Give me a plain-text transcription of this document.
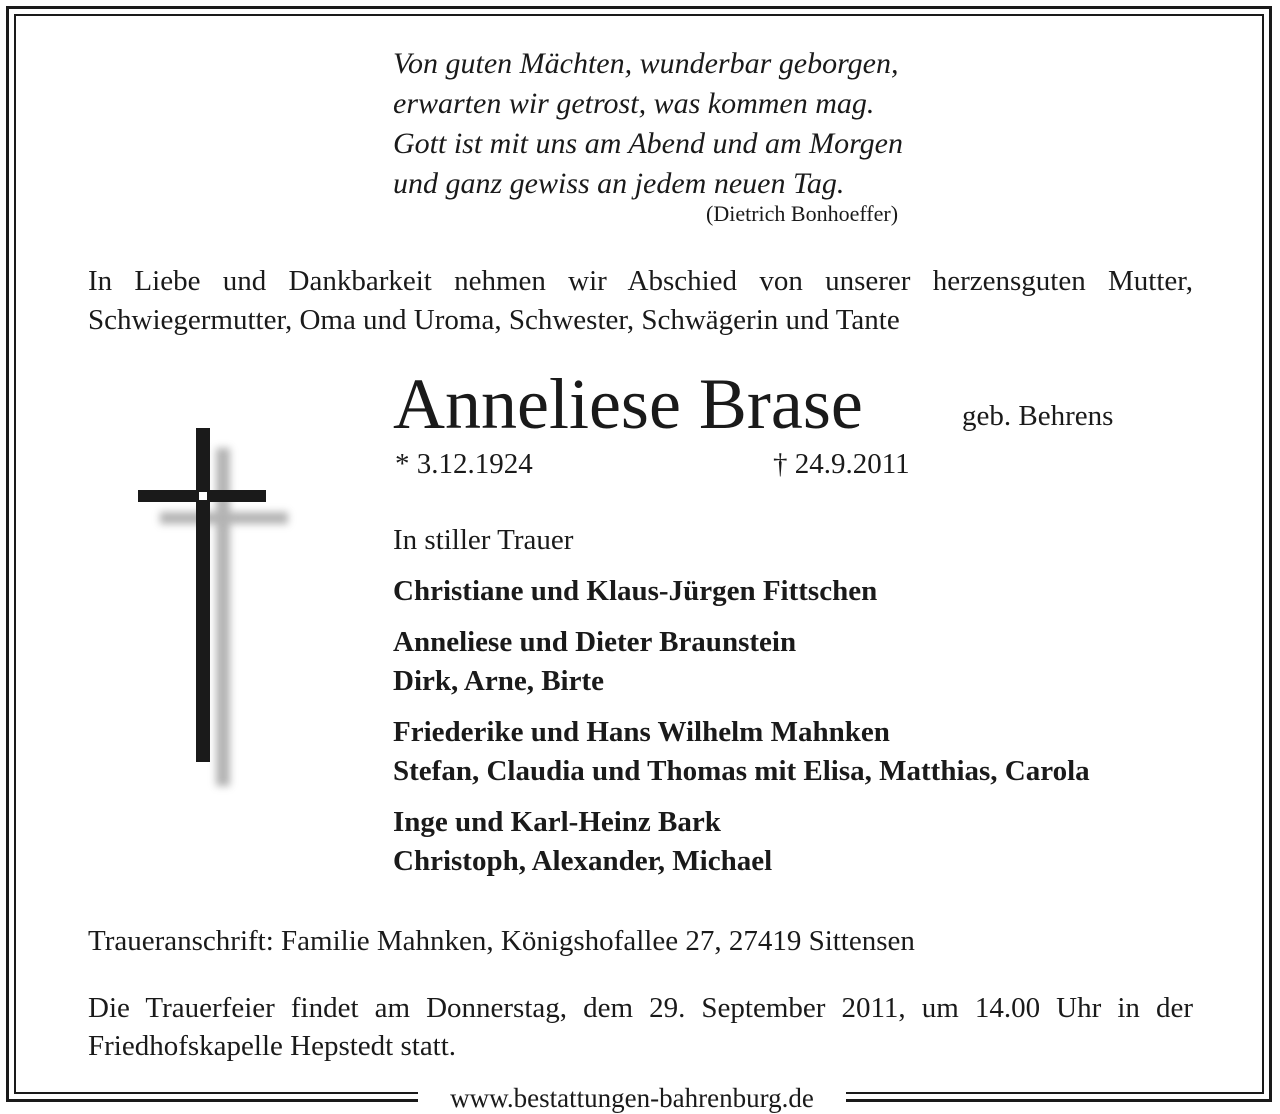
www.bestattungen-bahrenburg.de
Von guten Mächten, wunderbar geborgen,
erwarten wir getrost, was kommen mag.
Gott ist mit uns am Abend und am Morgen
und ganz gewiss an jedem neuen Tag.
(Dietrich Bonhoeffer)
In Liebe und Dankbarkeit nehmen wir Abschied von unserer herzensguten Mutter,
Schwiegermutter, Oma und Uroma, Schwester, Schwägerin und Tante
Anneliese Brase	geb. Behrens
* 3.12.1924	† 24.9.2011
In stiller Trauer
Christiane und Klaus-Jürgen Fittschen
Anneliese und Dieter Braunstein
Dirk, Arne, Birte
Friederike und Hans Wilhelm Mahnken
Stefan, Claudia und Thomas mit Elisa, Matthias, Carola
Inge und Karl-Heinz Bark
Christoph, Alexander, Michael
Traueranschrift: Familie Mahnken, Königshofallee 27, 27419 Sittensen
Die Trauerfeier findet am Donnerstag, dem 29. September 2011, um 14.00 Uhr in der
Friedhofskapelle Hepstedt statt.
